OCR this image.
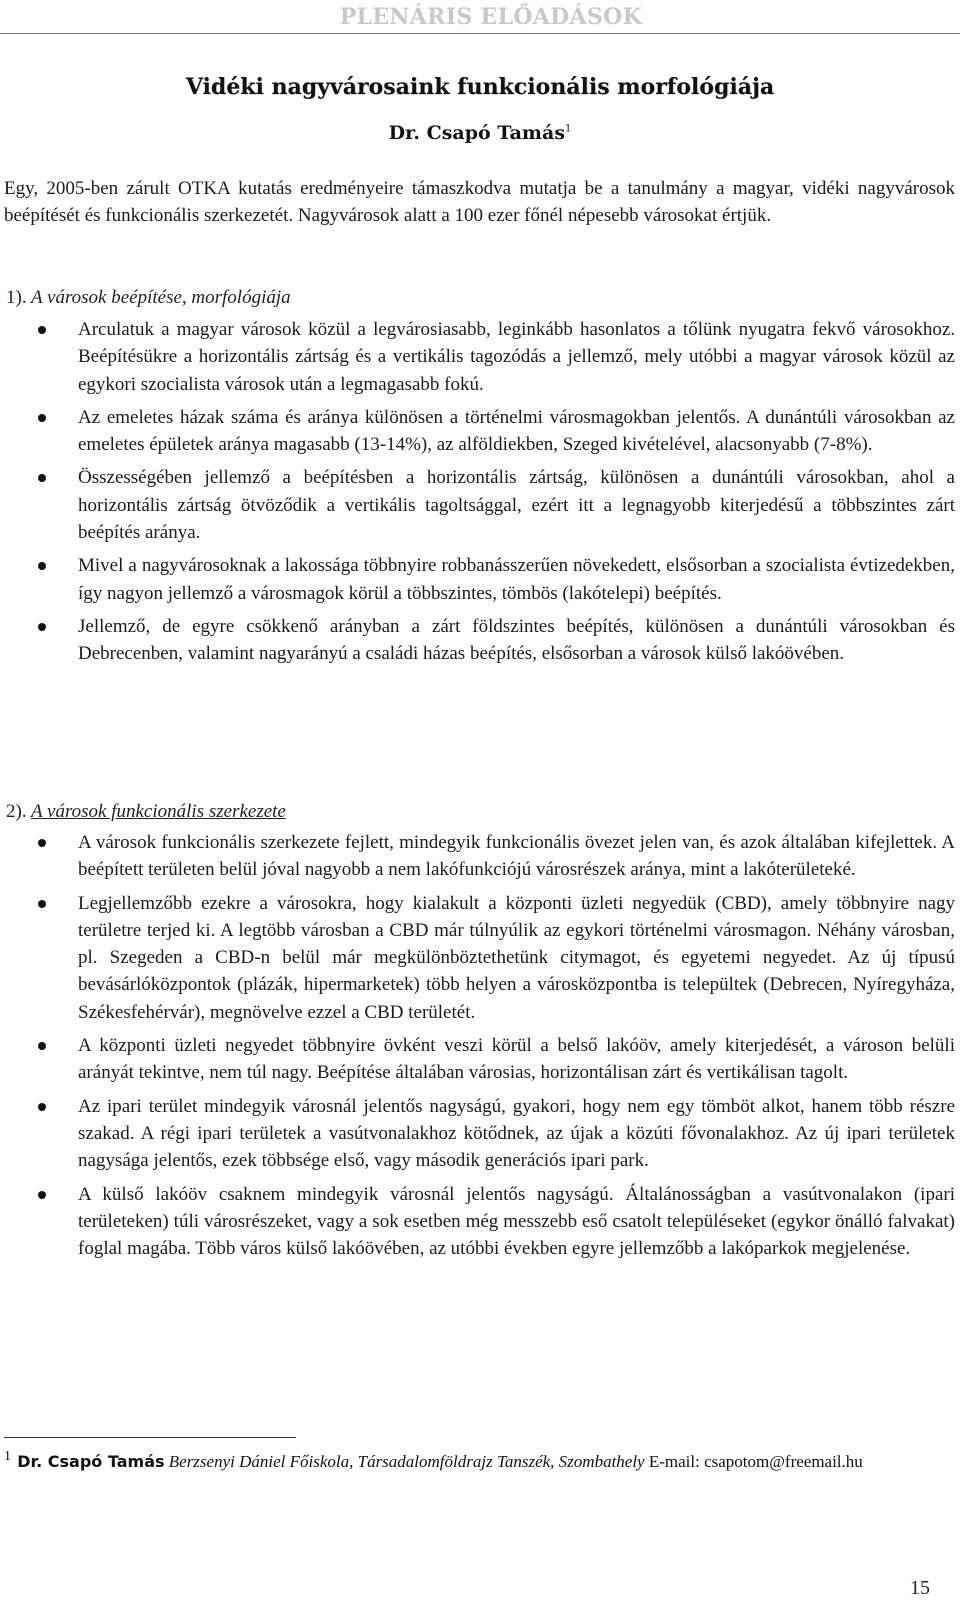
PLENÁRIS ELŐADÁSOK
Vidéki nagyvárosaink funkcionális morfológiája
Dr. Csapó Tamás$^1$
Egy, 2005-ben zárult OTKA kutatás eredményeire támaszkodva mutatja be a tanulmány a magyar, vidéki nagyvárosok beépítését és funkcionális szerkezetét. Nagyvárosok alatt a 100 ezer főnél népesebb városokat értjük.
1). A városok beépítése, morfológiája
Arculatuk a magyar városok közül a legvárosiasabb, leginkább hasonlatos a tőlünk nyugatra fekvő városokhoz. Beépítésükre a horizontális zártság és a vertikális tagozódás a jellemző, mely utóbbi a magyar városok közül az egykori szocialista városok után a legmagasabb fokú.
Az emeletes házak száma és aránya különösen a történelmi városmagokban jelentős. A dunántúli városokban az emeletes épületek aránya magasabb (13-14%), az alföldiekben, Szeged kivételével, alacsonyabb (7-8%).
Összességében jellemző a beépítésben a horizontális zártság, különösen a dunántúli városokban, ahol a horizontális zártság ötvöződik a vertikális tagoltsággal, ezért itt a legnagyobb kiterjedésű a többszintes zárt beépítés aránya.
Mivel a nagyvárosoknak a lakossága többnyire robbanásszerűen növekedett, elsősorban a szocialista évtizedekben, így nagyon jellemző a városmagok körül a többszintes, tömbös (lakótelepi) beépítés.
Jellemző, de egyre csökkenő arányban a zárt földszintes beépítés, különösen a dunántúli városokban és Debrecenben, valamint nagyarányú a családi házas beépítés, elsősorban a városok külső lakóövében.
2). A városok funkcionális szerkezete
A városok funkcionális szerkezete fejlett, mindegyik funkcionális övezet jelen van, és azok általában kifejlettek. A beépített területen belül jóval nagyobb a nem lakófunkciójú városrészek aránya, mint a lakóterületeké.
Legjellemzőbb ezekre a városokra, hogy kialakult a központi üzleti negyedük (CBD), amely többnyire nagy területre terjed ki. A legtöbb városban a CBD már túlnyúlik az egykori történelmi városmagon. Néhány városban, pl. Szegeden a CBD-n belül már megkülönböztethetünk citymagot, és egyetemi negyedet. Az új típusú bevásárlóközpontok (plázák, hipermarketek) több helyen a városközpontba is települtek (Debrecen, Nyíregyháza, Székesfehérvár), megnövelve ezzel a CBD területét.
A központi üzleti negyedet többnyire övként veszi körül a belső lakóöv, amely kiterjedését, a városon belüli arányát tekintve, nem túl nagy. Beépítése általában városias, horizontálisan zárt és vertikálisan tagolt.
Az ipari terület mindegyik városnál jelentős nagyságú, gyakori, hogy nem egy tömböt alkot, hanem több részre szakad. A régi ipari területek a vasútvonalakhoz kötődnek, az újak a közúti fővonalakhoz. Az új ipari területek nagysága jelentős, ezek többsége első, vagy második generációs ipari park.
A külső lakóöv csaknem mindegyik városnál jelentős nagyságú. Általánosságban a vasútvonalakon (ipari területeken) túli városrészeket, vagy a sok esetben még messzebb eső csatolt településeket (egykor önálló falvakat) foglal magába. Több város külső lakóövében, az utóbbi években egyre jellemzőbb a lakóparkok megjelenése.
$^1$ Dr. Csapó Tamás Berzsenyi Dániel Főiskola, Társadalomföldrajz Tanszék, Szombathely E-mail: csapotom@freemail.hu
15
